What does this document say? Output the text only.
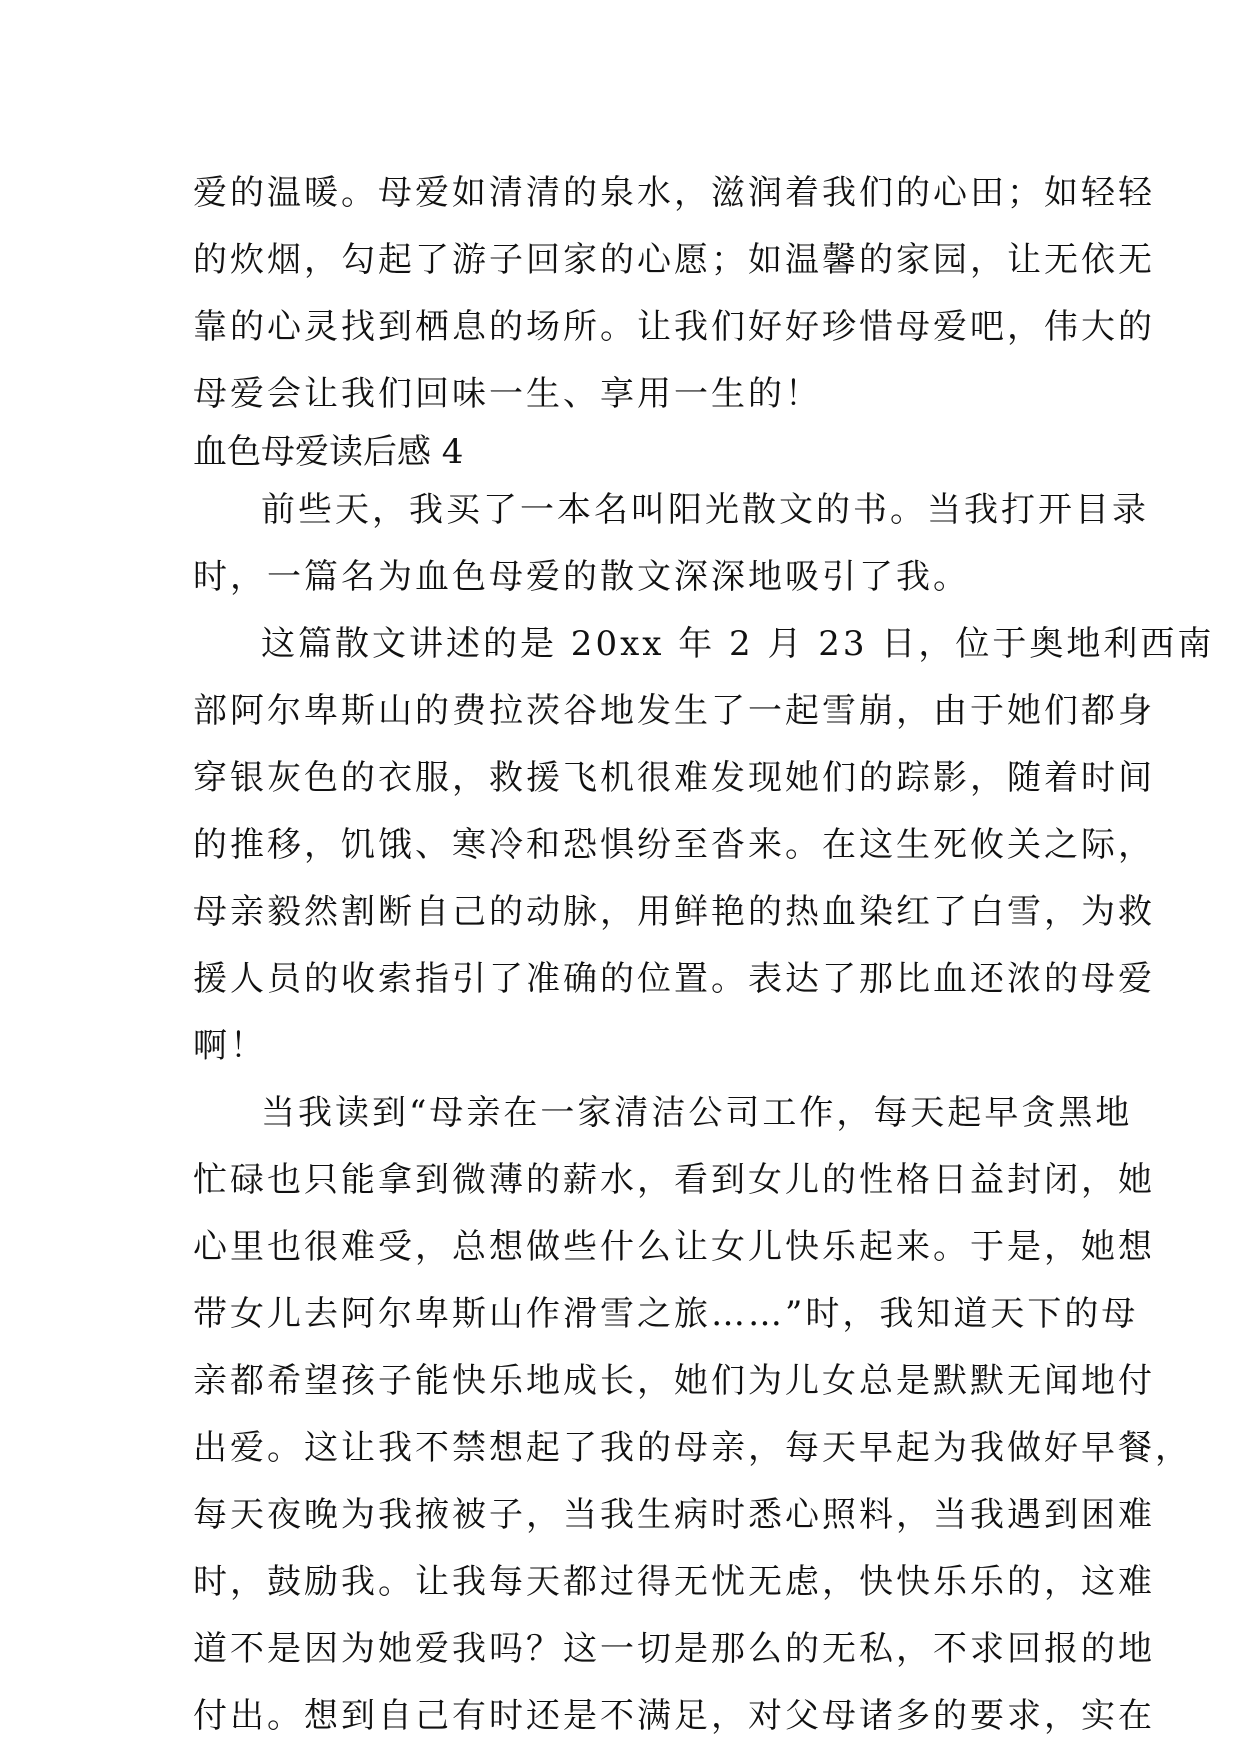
爱的温暖。母爱如清清的泉水，滋润着我们的心田；如轻轻
的炊烟，勾起了游子回家的心愿；如温馨的家园，让无依无
靠的心灵找到栖息的场所。让我们好好珍惜母爱吧，伟大的
母爱会让我们回味一生、享用一生的！
血色母爱读后感 4
前些天，我买了一本名叫阳光散文的书。当我打开目录
时，一篇名为血色母爱的散文深深地吸引了我。
这篇散文讲述的是 20xx 年 2 月 23 日，位于奥地利西南
部阿尔卑斯山的费拉茨谷地发生了一起雪崩，由于她们都身
穿银灰色的衣服，救援飞机很难发现她们的踪影，随着时间
的推移，饥饿、寒冷和恐惧纷至沓来。在这生死攸关之际，
母亲毅然割断自己的动脉，用鲜艳的热血染红了白雪，为救
援人员的收索指引了准确的位置。表达了那比血还浓的母爱
啊！
当我读到“母亲在一家清洁公司工作，每天起早贪黑地
忙碌也只能拿到微薄的薪水，看到女儿的性格日益封闭，她
心里也很难受，总想做些什么让女儿快乐起来。于是，她想
带女儿去阿尔卑斯山作滑雪之旅……”时，我知道天下的母
亲都希望孩子能快乐地成长，她们为儿女总是默默无闻地付
出爱。这让我不禁想起了我的母亲，每天早起为我做好早餐，
每天夜晚为我掖被子，当我生病时悉心照料，当我遇到困难
时，鼓励我。让我每天都过得无忧无虑，快快乐乐的，这难
道不是因为她爱我吗？这一切是那么的无私，不求回报的地
付出。想到自己有时还是不满足，对父母诸多的要求，实在
